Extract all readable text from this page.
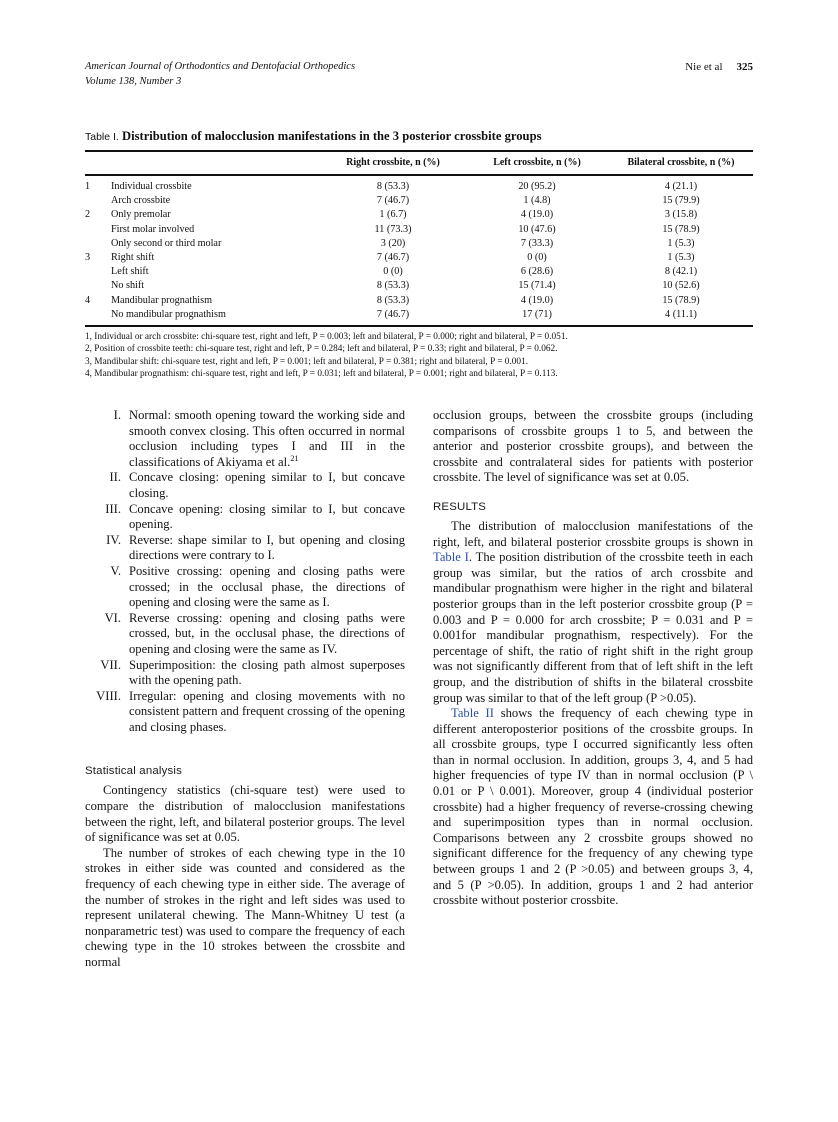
American Journal of Orthodontics and Dentofacial Orthopedics
Volume 138, Number 3
Nie et al 325
Table I. Distribution of malocclusion manifestations in the 3 posterior crossbite groups
		Right crossbite, n (%)	Left crossbite, n (%)	Bilateral crossbite, n (%)
1	Individual crossbite	8 (53.3)	20 (95.2)	4 (21.1)
	Arch crossbite	7 (46.7)	1 (4.8)	15 (79.9)
2	Only premolar	1 (6.7)	4 (19.0)	3 (15.8)
	First molar involved	11 (73.3)	10 (47.6)	15 (78.9)
	Only second or third molar	3 (20)	7 (33.3)	1 (5.3)
3	Right shift	7 (46.7)	0 (0)	1 (5.3)
	Left shift	0 (0)	6 (28.6)	8 (42.1)
	No shift	8 (53.3)	15 (71.4)	10 (52.6)
4	Mandibular prognathism	8 (53.3)	4 (19.0)	15 (78.9)
	No mandibular prognathism	7 (46.7)	17 (71)	4 (11.1)
1, Individual or arch crossbite: chi-square test, right and left, P = 0.003; left and bilateral, P = 0.000; right and bilateral, P = 0.051.
2, Position of crossbite teeth: chi-square test, right and left, P = 0.284; left and bilateral, P = 0.33; right and bilateral, P = 0.062.
3, Mandibular shift: chi-square test, right and left, P = 0.001; left and bilateral, P = 0.381; right and bilateral, P = 0.001.
4, Mandibular prognathism: chi-square test, right and left, P = 0.031; left and bilateral, P = 0.001; right and bilateral, P = 0.113.
I. Normal: smooth opening toward the working side and smooth convex closing. This often occurred in normal occlusion including types I and III in the classifications of Akiyama et al.$^{21}$
II. Concave closing: opening similar to I, but concave closing.
III. Concave opening: closing similar to I, but concave opening.
IV. Reverse: shape similar to I, but opening and closing directions were contrary to I.
V. Positive crossing: opening and closing paths were crossed; in the occlusal phase, the directions of opening and closing were the same as I.
VI. Reverse crossing: opening and closing paths were crossed, but, in the occlusal phase, the directions of opening and closing were the same as IV.
VII. Superimposition: the closing path almost superposes with the opening path.
VIII. Irregular: opening and closing movements with no consistent pattern and frequent crossing of the opening and closing phases.
Statistical analysis

Contingency statistics (chi-square test) were used to compare the distribution of malocclusion manifestations between the right, left, and bilateral posterior groups. The level of significance was set at 0.05.

The number of strokes of each chewing type in the 10 strokes in either side was counted and considered as the frequency of each chewing type in either side. The average of the number of strokes in the right and left sides was used to represent unilateral chewing. The Mann-Whitney U test (a nonparametric test) was used to compare the frequency of each chewing type in the 10 strokes between the crossbite and normal

occlusion groups, between the crossbite groups (including comparisons of crossbite groups 1 to 5, and between the anterior and posterior crossbite groups), and between the crossbite and contralateral sides for patients with posterior crossbite. The level of significance was set at 0.05.

RESULTS

The distribution of malocclusion manifestations of the right, left, and bilateral posterior crossbite groups is shown in Table I. The position distribution of the crossbite teeth in each group was similar, but the ratios of arch crossbite and mandibular prognathism were higher in the right and bilateral posterior groups than in the left posterior crossbite group (P = 0.003 and P = 0.000 for arch crossbite; P = 0.031 and P = 0.001for mandibular prognathism, respectively). For the percentage of shift, the ratio of right shift in the right group was not significantly different from that of left shift in the left group, and the distribution of shifts in the bilateral crossbite group was similar to that of the left group (P >0.05).

Table II shows the frequency of each chewing type in different anteroposterior positions of the crossbite groups. In all crossbite groups, type I occurred significantly less often than in normal occlusion. In addition, groups 3, 4, and 5 had higher frequencies of type IV than in normal occlusion (P \ 0.01 or P \ 0.001). Moreover, group 4 (individual posterior crossbite) had a higher frequency of reverse-crossing chewing and superimposition types than in normal occlusion. Comparisons between any 2 crossbite groups showed no significant difference for the frequency of any chewing type between groups 1 and 2 (P >0.05) and between groups 3, 4, and 5 (P >0.05). In addition, groups 1 and 2 had anterior crossbite without posterior crossbite.
